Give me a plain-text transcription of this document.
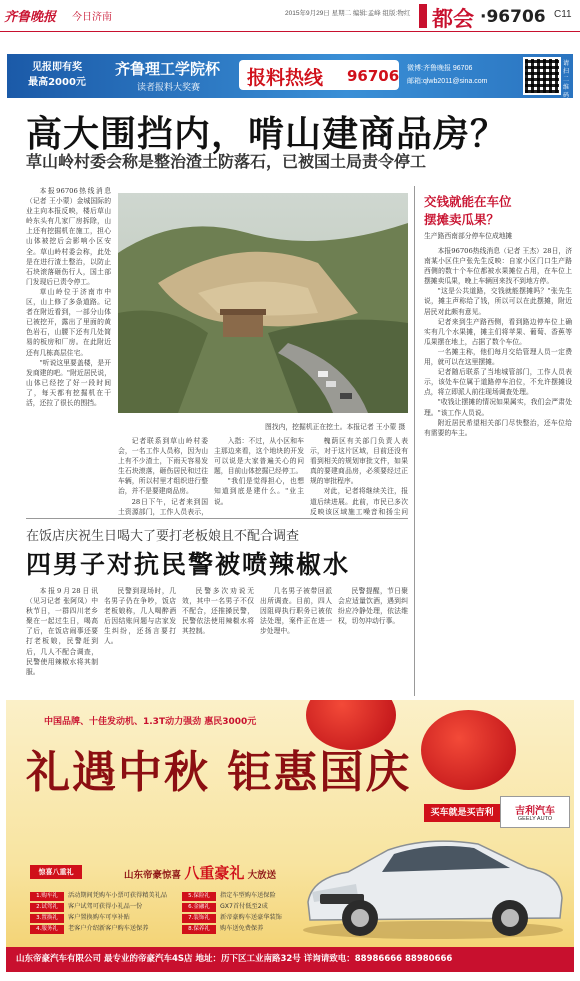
齐鲁晚报 今日济南	2015年9月29日 星期二 编辑:孟峰 组版:物红 都会 ·96706 C11
见报即有奖
最高2000元
齐鲁理工学院杯
读者报料大奖赛 报料热线 96706 微博:齐鲁晚报 96706
邮箱:qlwb2011@sina.com
请扫二维码
高大围挡内，啃山建商品房？
草山岭村委会称是整治渣土防落石，已被国土局责令停工

本报96706热线消息（记者 王小蒙）金城国际的业主向本报反映，楼后草山岭东头有几家厂房拆除，山上还有挖掘机在施工，担心山体被挖后会影响小区安全。草山岭村委会称，此处是在进行渣土整治，以防止石块滚落砸伤行人，国土部门发现后已责令停工。

草山岭位于济南市中区，山上修了多条道路。记者在附近看到，一部分山体已被挖开，露出了里面的黄色岩石，山腰下还有几处简易的板房和厂房。在此附近还有几栋高层住宅。

"听说这里要盖楼，是开发商建的吧。"附近居民说，山体已经挖了好一段时间了，每天都有挖掘机在干活，还拉了很长的围挡。

图找内，挖掘机正在挖土。本报记者 王小蒙 摄

记者联系到草山岭村委会，一名工作人员称，因为山上有不少渣土，下雨天容易发生石块滚落，砸伤居民和过往车辆，所以村里才组织进行整治，并不是要建商品房。

28日下午，记者来到国土资源部门，工作人员表示，

入指：不过，从小区和车主那边来看，这个地块的开发可以说是大家普遍关心的问题，目前山体挖掘已经停工。

"我们是觉得担心，也想知道到底是建什么。"业主说。

槐荫区有关部门负责人表示，对于这片区域，目前还没有看到相关的规划审批文件，如果真的要建商品房，必须要经过正规的审批程序。

对此，记者将继续关注，报道后续进展。此前，市民已多次反映该区域施工噪音和扬尘问

交钱就能在车位
摆摊卖瓜果？
生产路西南部分停车位成地摊

本报96706热线消息（记者 王杰）28日，济南某小区住户张先生反映：自家小区门口生产路西侧的数十个车位都被水果摊位占用，在车位上摆摊卖瓜果，晚上车辆回来找不到地方停。

"这是公共道路，交钱就能摆摊吗？"张先生说，摊主声称给了钱，所以可以在此摆摊，附近居民对此颇有意见。

记者来到生产路西侧，看到路边停车位上确实有几个水果摊，摊主们将苹果、葡萄、香蕉等瓜果摆在地上，占据了数个车位。

一名摊主称，他们每月交给管理人员一定费用，就可以在这里摆摊。

记者随后联系了当地城管部门，工作人员表示，该处车位属于道路停车泊位，不允许摆摊设点，将立即派人前往现场调查处理。

"收钱让摆摊的情况如果属实，我们会严肃处理。"该工作人员说。

附近居民希望相关部门尽快整治，还车位给有需要的车主。

在饭店庆祝生日喝大了要打老板娘且不配合调查
四男子对抗民警被喷辣椒水

本报9月28日讯（见习记者 张阿凤）中秋节日，一群四川老乡聚在一起过生日，喝高了后，在饭店闹事还要打老板娘，民警赶到后，几人不配合调查，民警使用辣椒水将其制服。

民警到现场时，几名男子仍在争吵，饭店老板娘称，几人喝醉酒后因结账问题与店家发生纠纷，还扬言要打人。

民警多次劝说无效，其中一名男子不仅不配合，还推搡民警，民警依法使用辣椒水将其控制。

几名男子被带回派出所调查。目前，四人因阻碍执行职务已被依法处理，案件正在进一步处理中。

民警提醒，节日聚会应适量饮酒，遇到纠纷应冷静处理，依法维权，切勿冲动行事。

中国品牌、十佳发动机、1.3T动力强劲 惠民3000元
礼遇中秋 钜惠国庆
买车就是买吉利	吉利汽车
GEELY AUTO
惊喜八重礼	山东帝豪惊喜 八重豪礼 大放送
1.购车礼 活动期间凭购车小票可获得精美礼品
2.试驾礼 客户试驾可获得小礼品一份
3.置换礼 客户置换购车可享补贴
4.服务礼 老客户介绍新客户购车送保养
5.保险礼 指定车型购车送保险
6.金融礼 GX7首付低至2成
7.装饰礼 新帝豪购车送豪华装饰
8.保养礼 购车送免费保养
山东帝豪汽车有限公司 最专业的帝豪汽车4S店 地址：历下区工业南路32号 详询请致电：88986666 88980666
